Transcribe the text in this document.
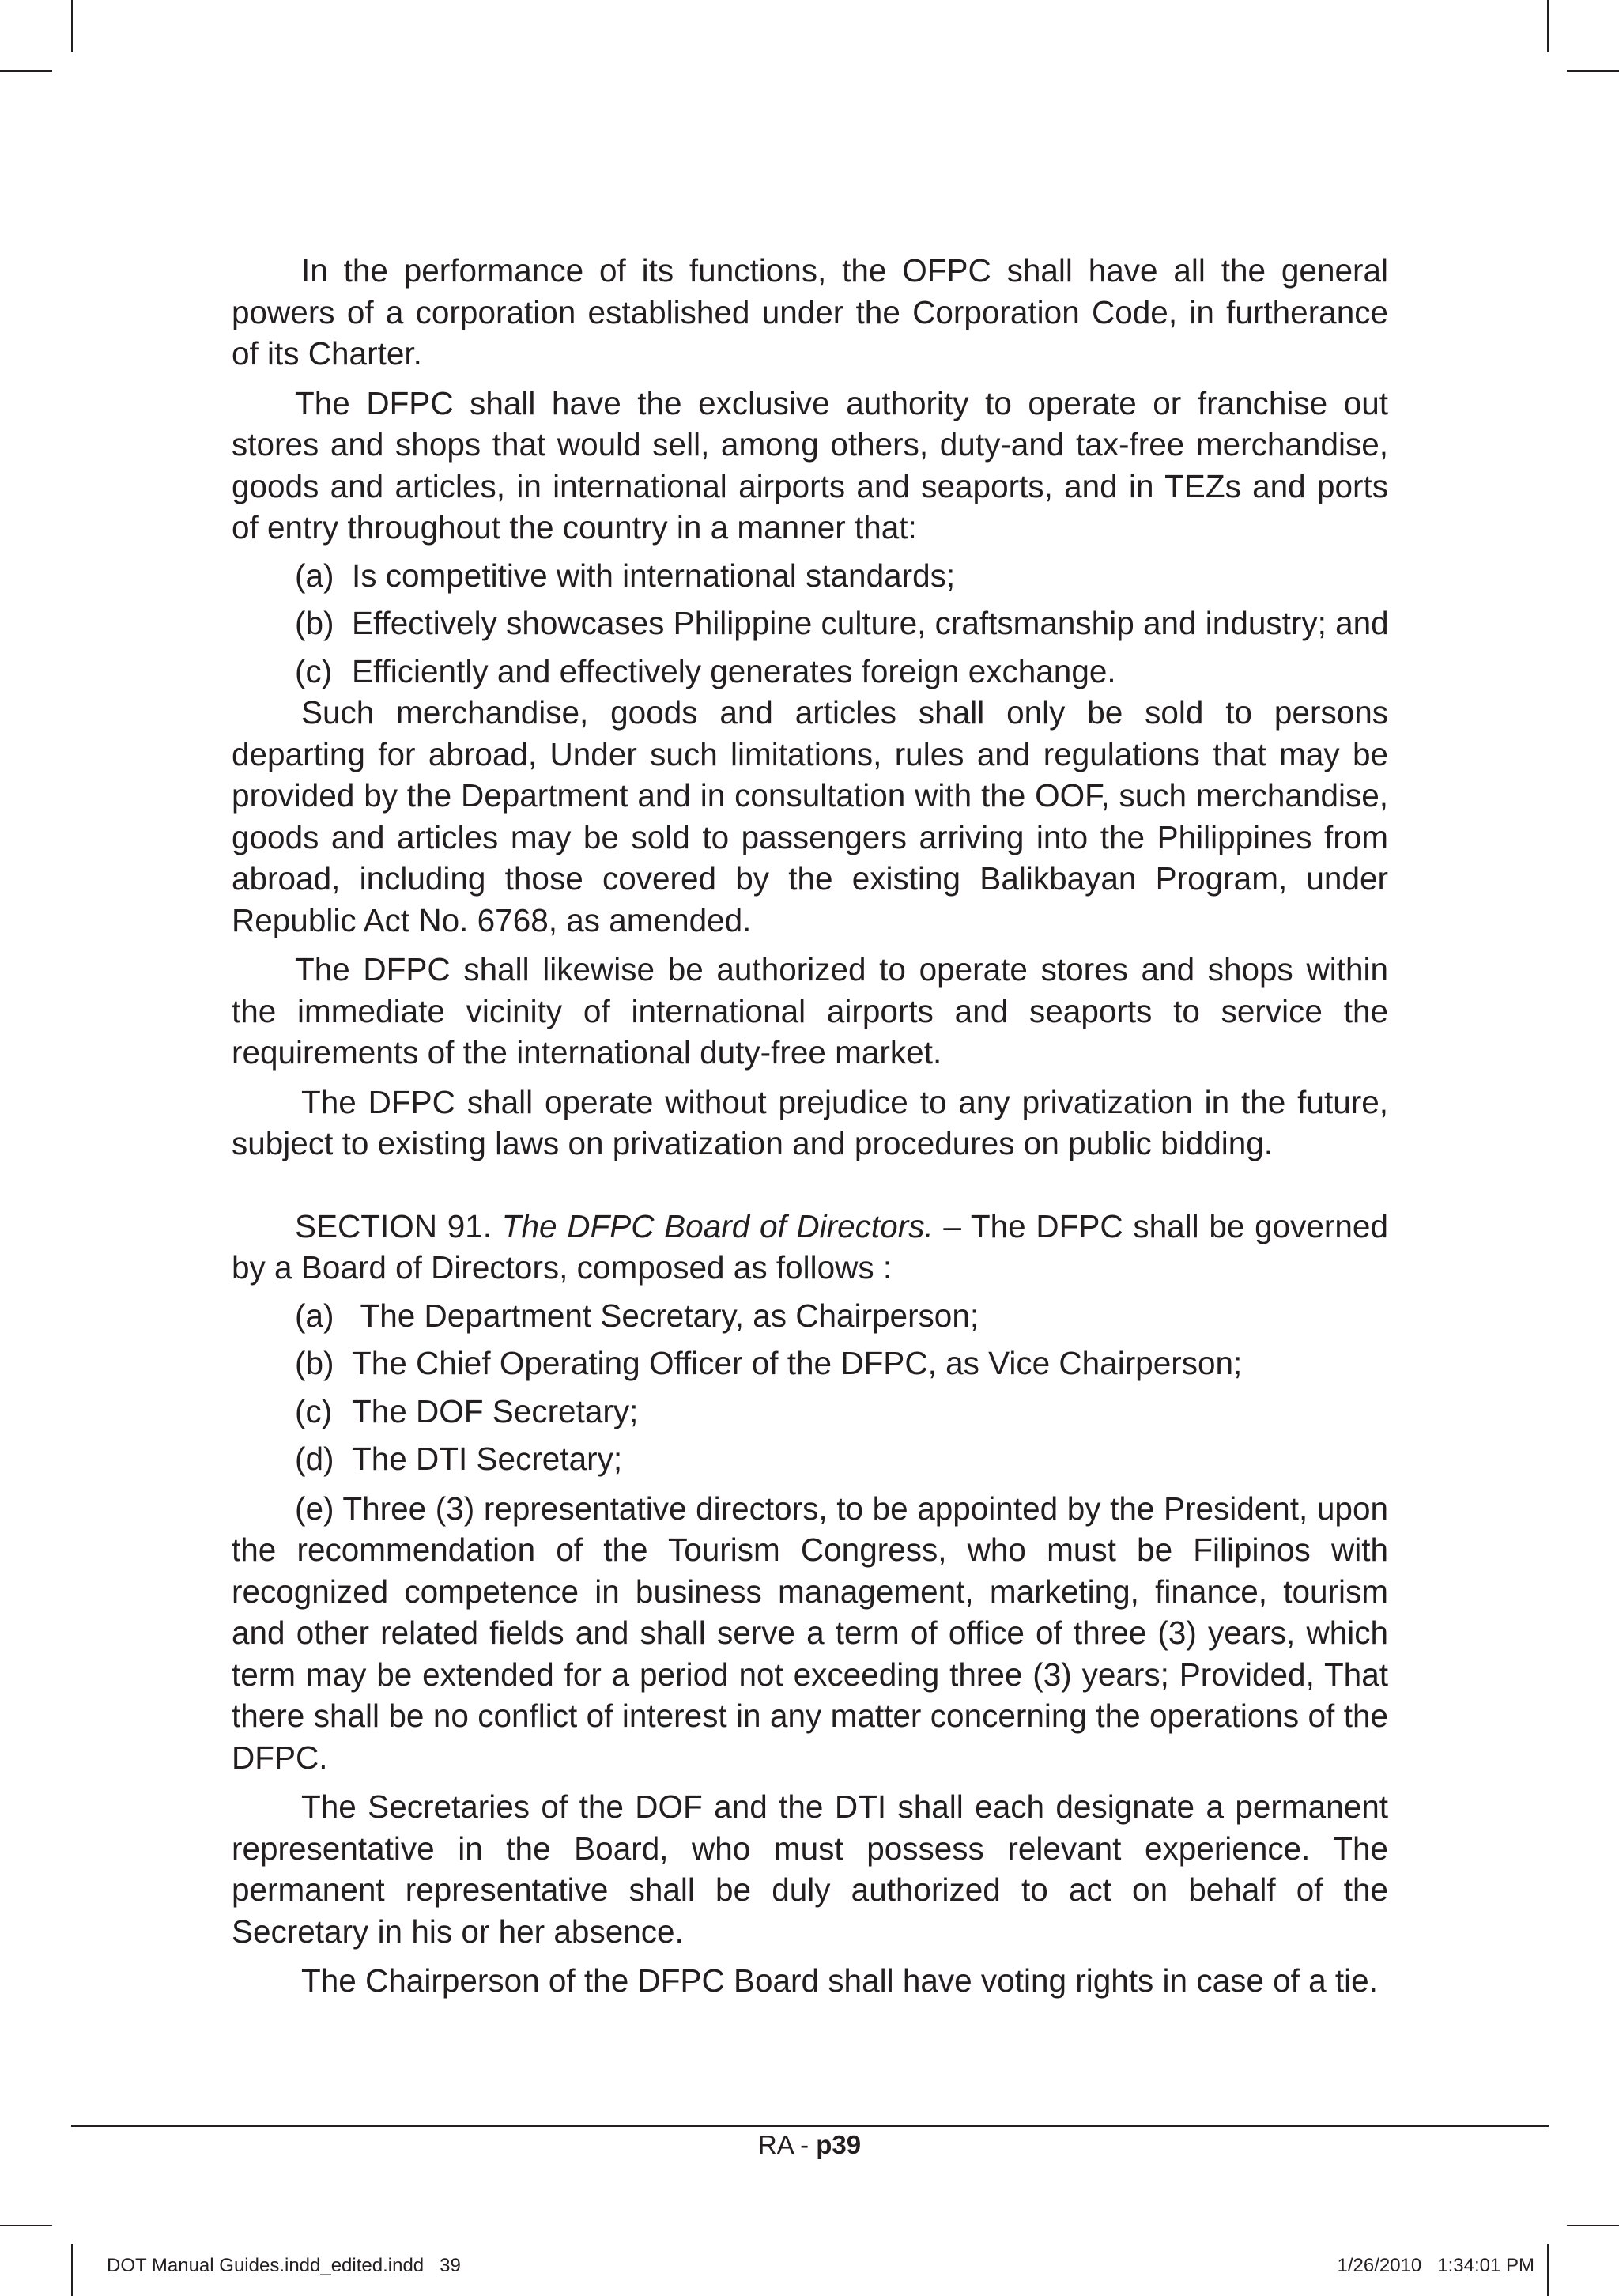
In the performance of its functions, the OFPC shall have all the general powers of a corporation established under the Corporation Code, in furtherance of its Charter.

The DFPC shall have the exclusive authority to operate or franchise out stores and shops that would sell, among others, duty-and tax-free merchandise, goods and articles, in international airports and seaports, and in TEZs and ports of entry throughout the country in a manner that:

(a) Is competitive with international standards;

(b) Effectively showcases Philippine culture, craftsmanship and industry; and

(c) Efficiently and effectively generates foreign exchange.

Such merchandise, goods and articles shall only be sold to persons departing for abroad, Under such limitations, rules and regulations that may be provided by the Department and in consultation with the OOF, such merchandise, goods and articles may be sold to passengers arriving into the Philippines from abroad, including those covered by the existing Balikbayan Program, under Republic Act No. 6768, as amended.

The DFPC shall likewise be authorized to operate stores and shops within the immediate vicinity of international airports and seaports to service the requirements of the international duty-free market.

The DFPC shall operate without prejudice to any privatization in the future, subject to existing laws on privatization and procedures on public bidding.

SECTION 91. The DFPC Board of Directors. – The DFPC shall be governed by a Board of Directors, composed as follows :

(a) The Department Secretary, as Chairperson;

(b) The Chief Operating Officer of the DFPC, as Vice Chairperson;

(c) The DOF Secretary;

(d) The DTI Secretary;

(e) Three (3) representative directors, to be appointed by the President, upon the recommendation of the Tourism Congress, who must be Filipinos with recognized competence in business management, marketing, finance, tourism and other related fields and shall serve a term of office of three (3) years, which term may be extended for a period not exceeding three (3) years; Provided, That there shall be no conflict of interest in any matter concerning the operations of the DFPC.

The Secretaries of the DOF and the DTI shall each designate a permanent representative in the Board, who must possess relevant experience. The permanent representative shall be duly authorized to act on behalf of the Secretary in his or her absence.

The Chairperson of the DFPC Board shall have voting rights in case of a tie.

RA - p39
DOT Manual Guides.indd_edited.indd   39	1/26/2010   1:34:01 PM
